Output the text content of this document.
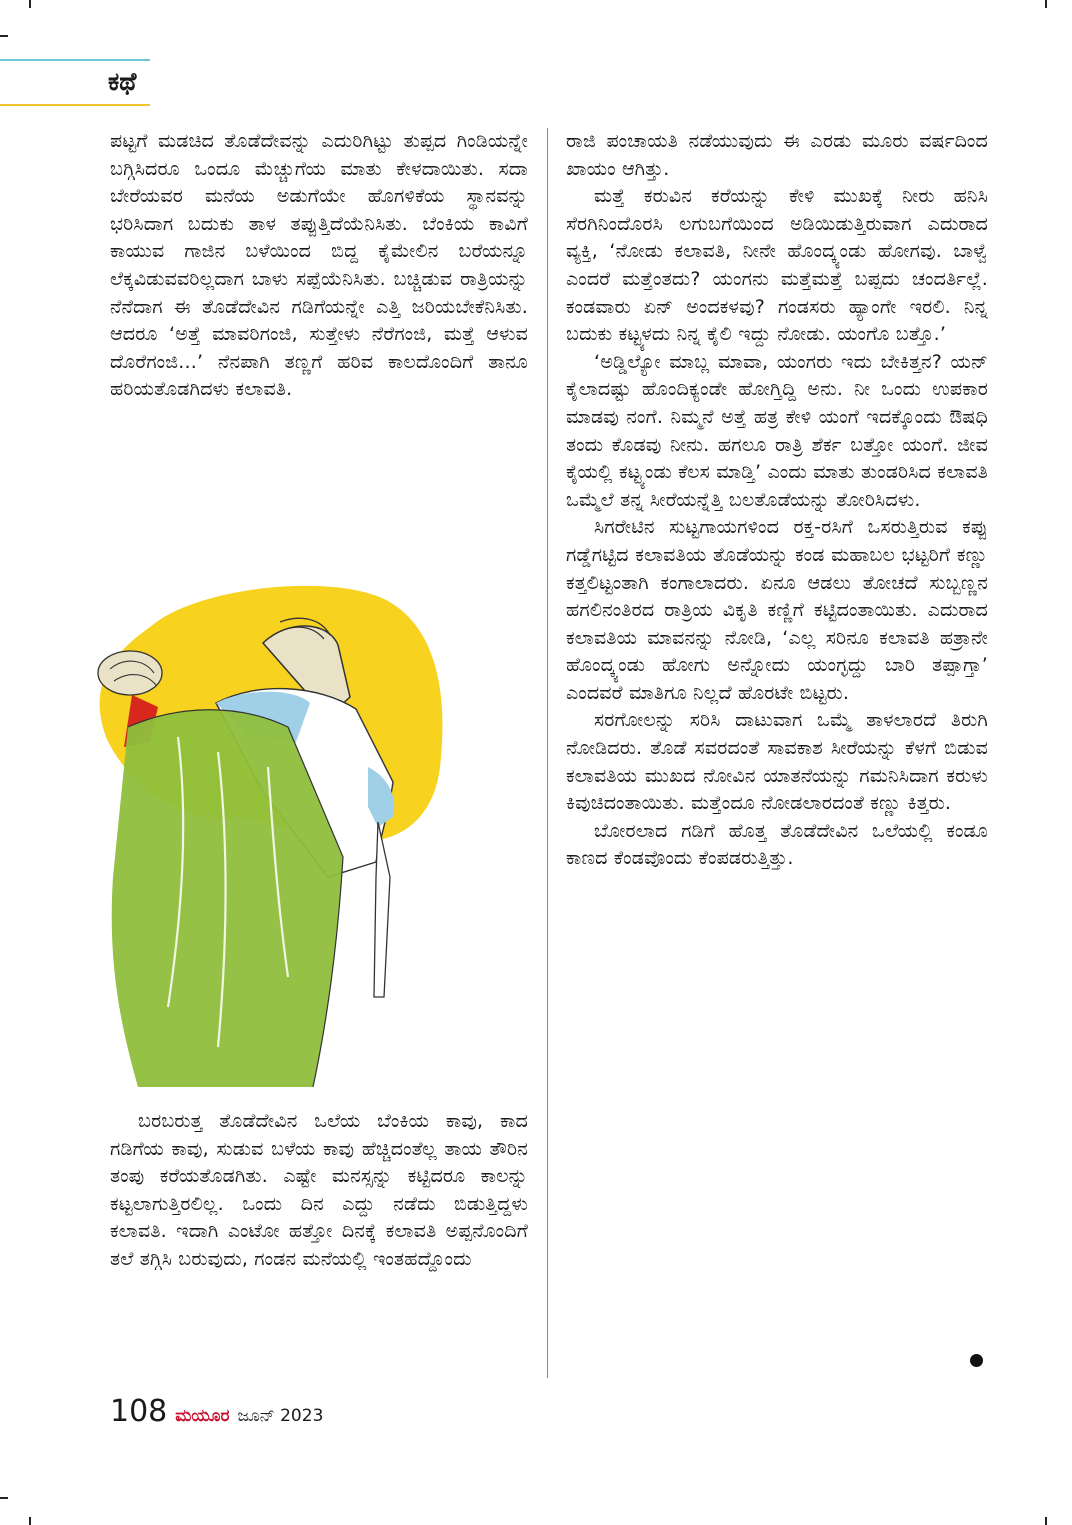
ಕಥೆ

ಪಟ್ಟಗೆ ಮಡಚಿದ ತೊಡೆದೇವನ್ನು ಎದುರಿಗಿಟ್ಟು ತುಪ್ಪದ ಗಿಂಡಿಯನ್ನೇ ಬಗ್ಗಿಸಿದರೂ ಒಂದೂ ಮೆಚ್ಚುಗೆಯ ಮಾತು ಕೇಳದಾಯಿತು. ಸದಾ ಬೇರೆಯವರ ಮನೆಯ ಅಡುಗೆಯೇ ಹೊಗಳಿಕೆಯ ಸ್ಥಾನವನ್ನು ಭರಿಸಿದಾಗ ಬದುಕು ತಾಳ ತಪ್ಪುತ್ತಿದೆಯೆನಿಸಿತು. ಬೆಂಕಿಯ ಕಾವಿಗೆ ಕಾಯುವ ಗಾಜಿನ ಬಳೆಯಿಂದ ಬಿದ್ದ ಕೈಮೇಲಿನ ಬರೆಯನ್ನೂ ಲೆಕ್ಕವಿಡುವವರಿಲ್ಲದಾಗ ಬಾಳು ಸಪ್ಪೆಯೆನಿಸಿತು. ಬಚ್ಚಿಡುವ ರಾತ್ರಿಯನ್ನು ನೆನೆದಾಗ ಈ ತೊಡೆದೇವಿನ ಗಡಿಗೆಯನ್ನೇ ಎತ್ತಿ ಜರಿಯಬೇಕೆನಿಸಿತು. ಆದರೂ ‘ಅತ್ತೆ ಮಾವರಿಗಂಜಿ, ಸುತ್ತೇಳು ನೆರೆಗಂಜಿ, ಮತ್ತೆ ಆಳುವ ದೊರೆಗಂಜಿ...’ ನೆನಪಾಗಿ ತಣ್ಣಗೆ ಹರಿವ ಕಾಲದೊಂದಿಗೆ ತಾನೂ ಹರಿಯತೊಡಗಿದಳು ಕಲಾವತಿ.

ಬರಬರುತ್ತ ತೊಡೆದೇವಿನ ಒಲೆಯ ಬೆಂಕಿಯ ಕಾವು, ಕಾದ ಗಡಿಗೆಯ ಕಾವು, ಸುಡುವ ಬಳೆಯ ಕಾವು ಹೆಚ್ಚಿದಂತೆಲ್ಲ ತಾಯ ತೌರಿನ ತಂಪು ಕರೆಯತೊಡಗಿತು. ಎಷ್ಟೇ ಮನಸ್ಸನ್ನು ಕಟ್ಟಿದರೂ ಕಾಲನ್ನು ಕಟ್ಟಲಾಗುತ್ತಿರಲಿಲ್ಲ. ಒಂದು ದಿನ ಎದ್ದು ನಡೆದು ಬಿಡುತ್ತಿದ್ದಳು ಕಲಾವತಿ. ಇದಾಗಿ ಎಂಟೋ ಹತ್ತೋ ದಿನಕ್ಕೆ ಕಲಾವತಿ ಅಪ್ಪನೊಂದಿಗೆ ತಲೆ ತಗ್ಗಿಸಿ ಬರುವುದು, ಗಂಡನ ಮನೆಯಲ್ಲಿ ಇಂತಹದ್ದೊಂದು

ರಾಜಿ ಪಂಚಾಯತಿ ನಡೆಯುವುದು ಈ ಎರಡು ಮೂರು ವರ್ಷದಿಂದ ಖಾಯಂ ಆಗಿತ್ತು.

ಮತ್ತೆ ಕರುವಿನ ಕರೆಯನ್ನು ಕೇಳಿ ಮುಖಕ್ಕೆ ನೀರು ಹನಿಸಿ ಸೆರಗಿನಿಂದೊರಸಿ ಲಗುಬಗೆಯಿಂದ ಅಡಿಯಿಡುತ್ತಿರುವಾಗ ಎದುರಾದ ವ್ಯಕ್ತಿ, ‘ನೋಡು ಕಲಾವತಿ, ನೀನೇ ಹೊಂದ್ಕ್ಯಂಡು ಹೋಗವು. ಬಾಳ್ವೆ ಎಂದರೆ ಮತ್ತೆಂತದು? ಯಂಗನು ಮತ್ತೆಮತ್ತೆ ಬಪ್ಪದು ಚಂದರ್ತಿಲ್ಲೆ. ಕಂಡವಾರು ಏನ್ ಅಂದಕಳವು? ಗಂಡಸರು ಹ್ಯಾಂಗೇ ಇರಲಿ. ನಿನ್ನ ಬದುಕು ಕಟ್ಟ್ಯಳದು ನಿನ್ನ ಕೈಲಿ ಇದ್ದು ನೋಡು. ಯಂಗೊ ಬತ್ತೊ.’

‘ಅಡ್ಡಿಲ್ಯೋ ಮಾಬ್ಲ ಮಾವಾ, ಯಂಗರು ಇದು ಬೇಕಿತ್ತನ? ಯನ್ ಕೈಲಾದಷ್ಟು ಹೊಂದಿಕ್ಯಂಡೇ ಹೋಗ್ತಿದ್ದಿ ಅನು. ನೀ ಒಂದು ಉಪಕಾರ ಮಾಡವು ನಂಗೆ. ನಿಮ್ಮನೆ ಅತ್ತೆ ಹತ್ರ ಕೇಳಿ ಯಂಗೆ ಇದಕ್ಕೊಂದು ಔಷಧಿ ತಂದು ಕೊಡವು ನೀನು. ಹಗಲೂ ರಾತ್ರಿ ಶೆರ್ಕ ಬತ್ತೋ ಯಂಗೆ. ಜೀವ ಕೈಯಲ್ಲಿ ಕಟ್ಟ್ಯಂಡು ಕೆಲಸ ಮಾಡ್ತಿ’ ಎಂದು ಮಾತು ತುಂಡರಿಸಿದ ಕಲಾವತಿ ಒಮ್ಮೆಲೆ ತನ್ನ ಸೀರೆಯನ್ನೆತ್ತಿ ಬಲತೊಡೆಯನ್ನು ತೋರಿಸಿದಳು.

ಸಿಗರೇಟಿನ ಸುಟ್ಟಗಾಯಗಳಿಂದ ರಕ್ತ-ರಸಿಗೆ ಒಸರುತ್ತಿರುವ ಕಪ್ಪು ಗಡ್ಡೆಗಟ್ಟಿದ ಕಲಾವತಿಯ ತೊಡೆಯನ್ನು ಕಂಡ ಮಹಾಬಲ ಭಟ್ಟರಿಗೆ ಕಣ್ಣು ಕತ್ತಲಿಟ್ಟಂತಾಗಿ ಕಂಗಾಲಾದರು. ಏನೂ ಆಡಲು ತೋಚದೆ ಸುಬ್ಬಣ್ಣನ ಹಗಲಿನಂತಿರದ ರಾತ್ರಿಯ ವಿಕೃತಿ ಕಣ್ಣಿಗೆ ಕಟ್ಟಿದಂತಾಯಿತು. ಎದುರಾದ ಕಲಾವತಿಯ ಮಾವನನ್ನು ನೋಡಿ, ‘ಎಲ್ಲ ಸರಿನೂ ಕಲಾವತಿ ಹತ್ರಾನೇ ಹೊಂದ್ಕ್ಯಂಡು ಹೋಗು ಅನ್ನೋದು ಯಂಗ್ಳದ್ದು ಬಾರಿ ತಪ್ಪಾಗ್ತಾ’ ಎಂದವರೆ ಮಾತಿಗೂ ನಿಲ್ಲದೆ ಹೊರಟೇ ಬಿಟ್ಟರು.

ಸರಗೋಲನ್ನು ಸರಿಸಿ ದಾಟುವಾಗ ಒಮ್ಮೆ ತಾಳಲಾರದೆ ತಿರುಗಿ ನೋಡಿದರು. ತೊಡೆ ಸವರದಂತೆ ಸಾವಕಾಶ ಸೀರೆಯನ್ನು ಕೆಳಗೆ ಬಿಡುವ ಕಲಾವತಿಯ ಮುಖದ ನೋವಿನ ಯಾತನೆಯನ್ನು ಗಮನಿಸಿದಾಗ ಕರುಳು ಕಿವುಚಿದಂತಾಯಿತು. ಮತ್ತೆಂದೂ ನೋಡಲಾರದಂತೆ ಕಣ್ಣು ಕಿತ್ತರು.

ಬೋರಲಾದ ಗಡಿಗೆ ಹೊತ್ತ ತೊಡೆದೇವಿನ ಒಲೆಯಲ್ಲಿ ಕಂಡೂ ಕಾಣದ ಕೆಂಡವೊಂದು ಕೆಂಪಡರುತ್ತಿತ್ತು.

108 ಮಯೂರ ಜೂನ್ 2023
